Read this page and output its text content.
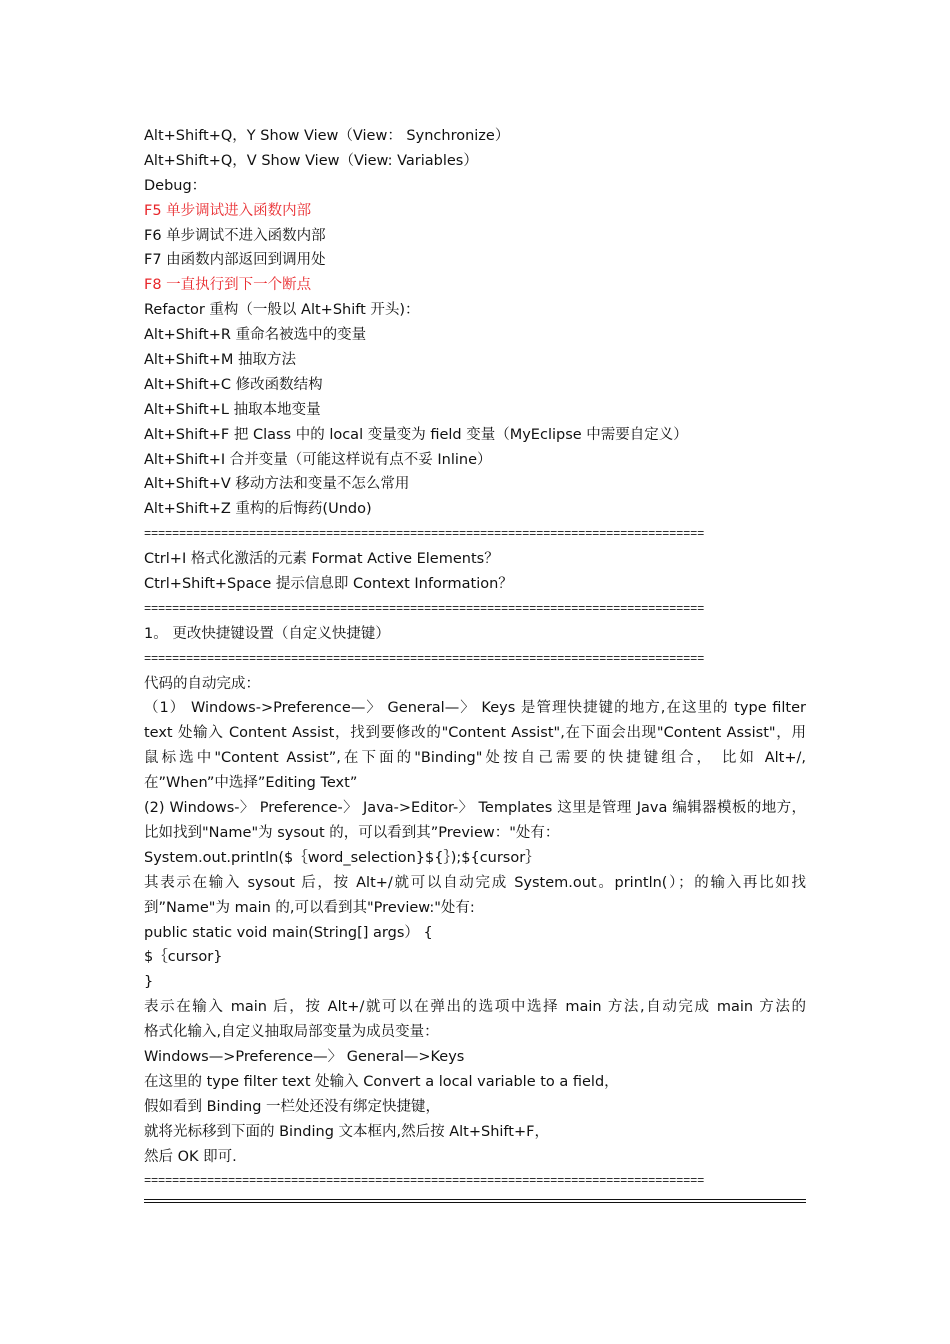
Alt+Shift+Q，Y Show View（View： Synchronize）
Alt+Shift+Q，V Show View（View: Variables）
Debug：
F5 单步调试进入函数内部
F6 单步调试不进入函数内部
F7 由函数内部返回到调用处
F8 一直执行到下一个断点
Refactor 重构（一般以 Alt+Shift 开头)：
Alt+Shift+R 重命名被选中的变量
Alt+Shift+M 抽取方法
Alt+Shift+C 修改函数结构
Alt+Shift+L 抽取本地变量
Alt+Shift+F 把 Class 中的 local 变量变为 field 变量（MyEclipse 中需要自定义）
Alt+Shift+I 合并变量（可能这样说有点不妥 Inline）
Alt+Shift+V 移动方法和变量不怎么常用
Alt+Shift+Z 重构的后悔药(Undo)
================================================================================
Ctrl+I 格式化激活的元素 Format Active Elements？
Ctrl+Shift+Space 提示信息即 Context Information？
================================================================================
1。 更改快捷键设置（自定义快捷键）
================================================================================
代码的自动完成：
（1） Windows->Preference—〉 General—〉 Keys 是管理快捷键的地方,在这里的 type filter
text 处输入 Content Assist，找到要修改的"Content Assist",在下面会出现"Content Assist"，用
鼠标选中"Content Assist”,在下面的"Binding"处按自己需要的快捷键组合， 比如 Alt+/,
在”When”中选择”Editing Text”
(2) Windows-〉 Preference-〉 Java->Editor-〉 Templates 这里是管理 Java 编辑器模板的地方，
比如找到"Name"为 sysout 的，可以看到其”Preview："处有：
System.out.println($｛word_selection}${｝);${cursor｝
其表示在输入 sysout 后，按 Alt+/就可以自动完成 System.out。println(）；的输入再比如找
到”Name"为 main 的,可以看到其"Preview:"处有:
public static void main(String[] args） {
$｛cursor}
}
表示在输入 main 后，按 Alt+/就可以在弹出的选项中选择 main 方法,自动完成 main 方法的
格式化输入,自定义抽取局部变量为成员变量：
Windows—>Preference—〉 General—>Keys
在这里的 type filter text 处输入 Convert a local variable to a field，
假如看到 Binding 一栏处还没有绑定快捷键，
就将光标移到下面的 Binding 文本框内,然后按 Alt+Shift+F，
然后 OK 即可.
================================================================================
